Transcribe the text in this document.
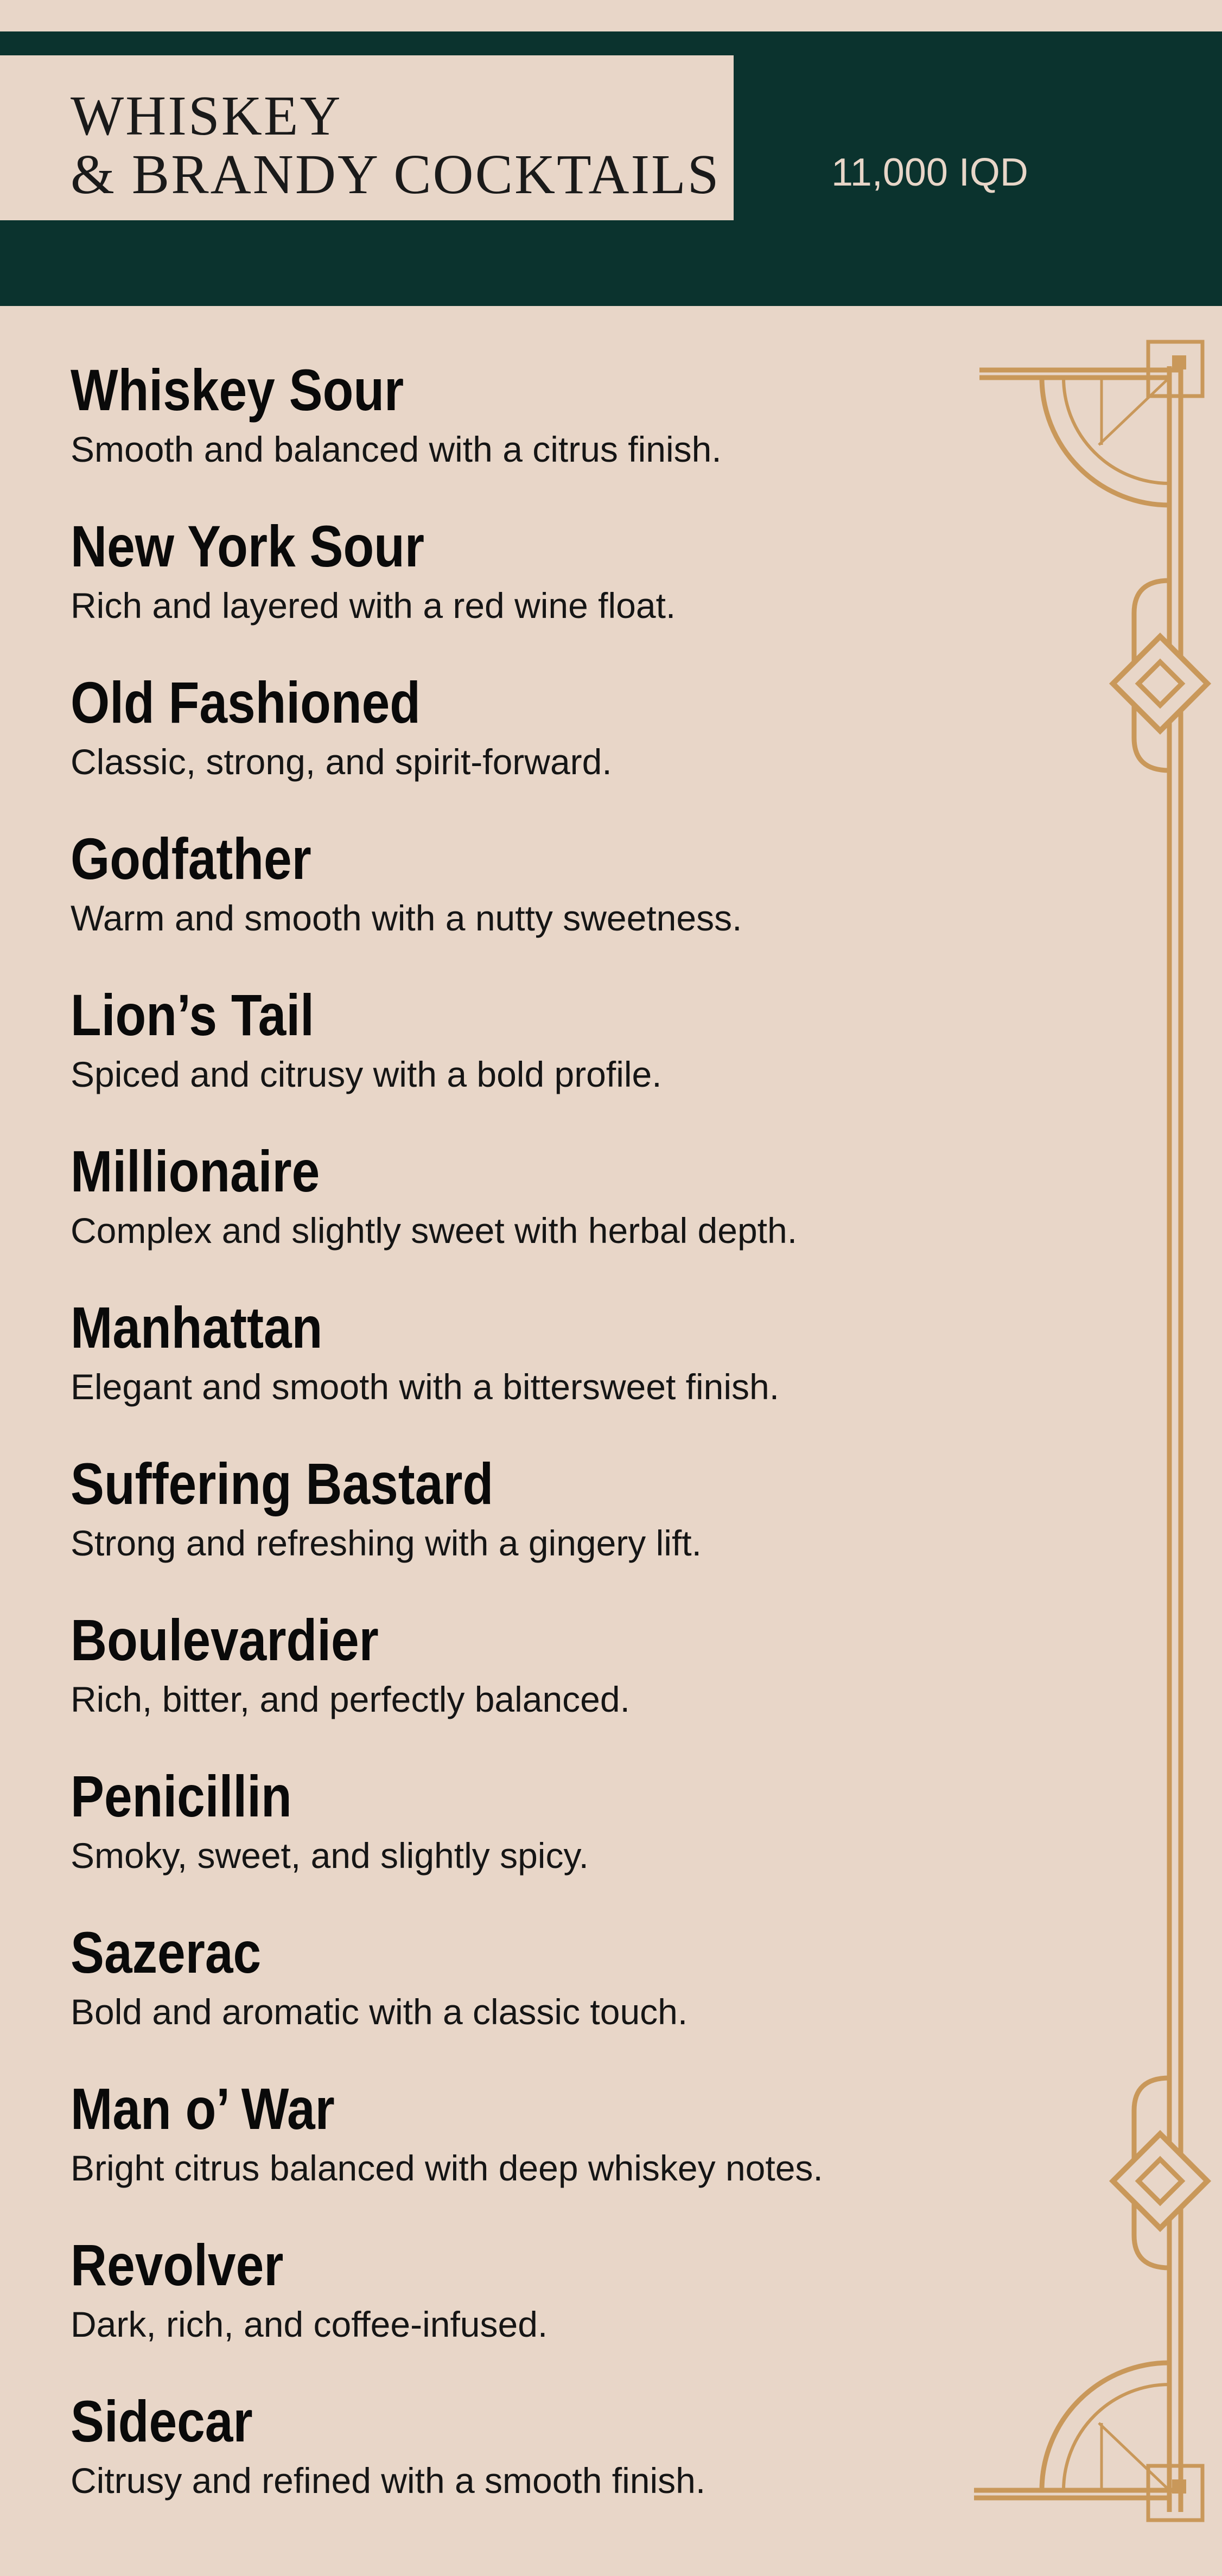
WHISKEY
& BRANDY COCKTAILS	11,000 IQD
Whiskey Sour
Smooth and balanced with a citrus finish.
New York Sour
Rich and layered with a red wine float.
Old Fashioned
Classic, strong, and spirit-forward.
Godfather
Warm and smooth with a nutty sweetness.
Lion’s Tail
Spiced and citrusy with a bold profile.
Millionaire
Complex and slightly sweet with herbal depth.
Manhattan
Elegant and smooth with a bittersweet finish.
Suffering Bastard
Strong and refreshing with a gingery lift.
Boulevardier
Rich, bitter, and perfectly balanced.
Penicillin
Smoky, sweet, and slightly spicy.
Sazerac
Bold and aromatic with a classic touch.
Man o’ War
Bright citrus balanced with deep whiskey notes.
Revolver
Dark, rich, and coffee-infused.
Sidecar
Citrusy and refined with a smooth finish.
